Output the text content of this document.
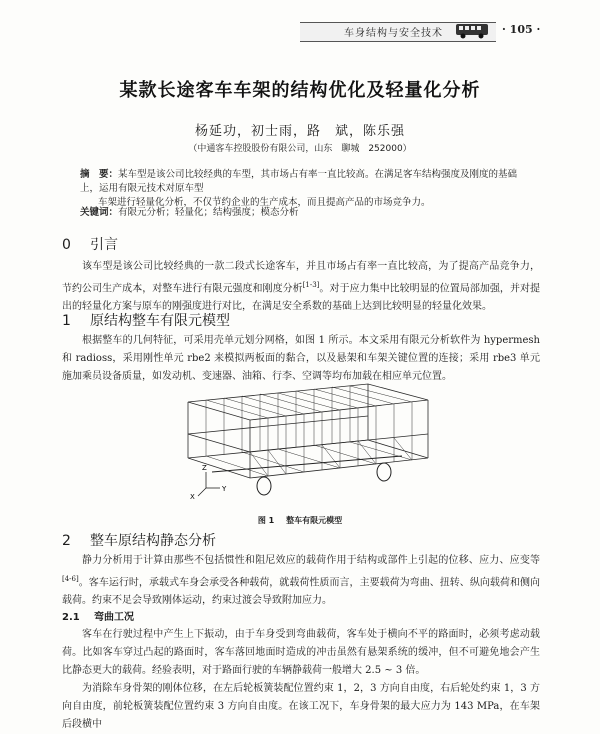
车身结构与安全技术	· 105 ·
某款长途客车车架的结构优化及轻量化分析
杨延功，初士雨，路　斌，陈乐强
（中通客车控股股份有限公司，山东　聊城　252000）
摘　要：某车型是该公司比较经典的车型，其市场占有率一直比较高。在满足客车结构强度及刚度的基础上，运用有限元技术对原车型
车架进行轻量化分析，不仅节约企业的生产成本，而且提高产品的市场竞争力。
关键词：有限元分析；轻量化；结构强度；模态分析
0 引言

该车型是该公司比较经典的一款二段式长途客车，并且市场占有率一直比较高，为了提高产品竞争力，节约公司生产成本，对整车进行有限元强度和刚度分析[1-3]。对于应力集中比较明显的位置局部加强，并对提出的轻量化方案与原车的刚强度进行对比，在满足安全系数的基础上达到比较明显的轻量化效果。

1 原结构整车有限元模型

根据整车的几何特征，可采用壳单元划分网格，如图 1 所示。本文采用有限元分析软件为 hypermesh 和 radioss，采用刚性单元 rbe2 来模拟两板面的黏合，以及悬架和车架关键位置的连接；采用 rbe3 单元施加乘员设备质量，如发动机、变速器、油箱、行李、空调等均布加载在相应单元位置。

Z
Y
X
图 1 整车有限元模型
2 整车原结构静态分析

静力分析用于计算由那些不包括惯性和阻尼效应的载荷作用于结构或部件上引起的位移、应力、应变等[4-6]。客车运行时，承载式车身会承受各种载荷，就载荷性质而言，主要载荷为弯曲、扭转、纵向载荷和侧向载荷。约束不足会导致刚体运动，约束过渡会导致附加应力。

2.1 弯曲工况

客车在行驶过程中产生上下振动，由于车身受到弯曲载荷，客车处于横向不平的路面时，必须考虑动载荷。比如客车穿过凸起的路面时，客车落回地面时造成的冲击虽然有悬架系统的缓冲，但不可避免地会产生比静态更大的载荷。经验表明，对于路面行驶的车辆静载荷一般增大 2.5 ~ 3 倍。

为消除车身骨架的刚体位移，在左后轮板簧装配位置约束 1，2，3 方向自由度，右后轮处约束 1，3 方向自由度，前轮板簧装配位置约束 3 方向自由度。在该工况下，车身骨架的最大应力为 143 MPa，在车架后段横中
